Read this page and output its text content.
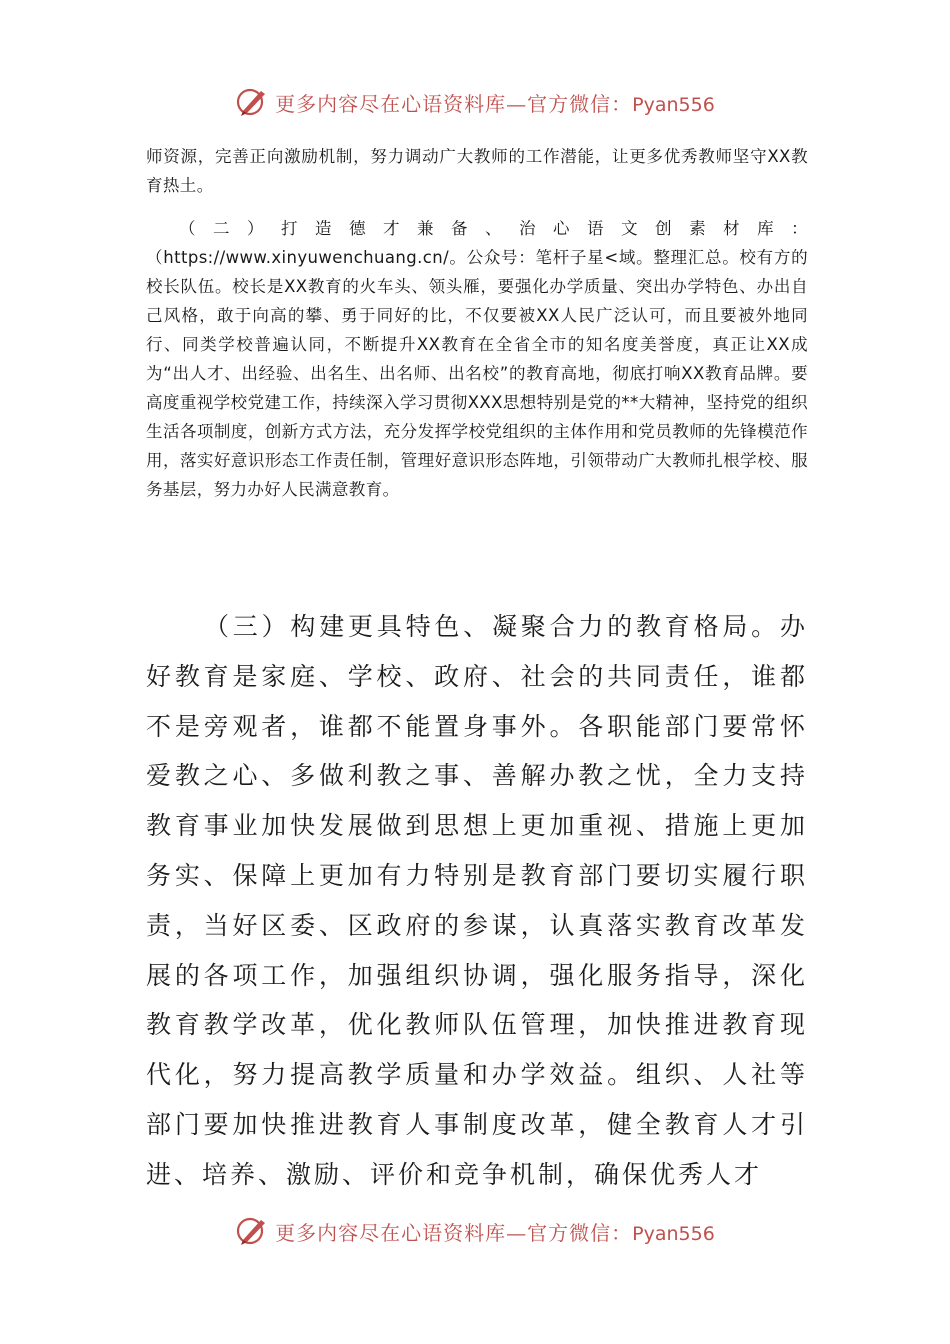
更多内容尽在心语资料库—官方微信：Pyan556

师资源，完善正向激励机制，努力调动广大教师的工作潜能，让更多优秀教师坚守XX教育热土。

（二）打造德才兼备、治心语文创素材库：（https://www.xinyuwenchuang.cn/。公众号：笔杆子星<域。整理汇总。校有方的校长队伍。校长是XX教育的火车头、领头雁，要强化办学质量、突出办学特色、办出自己风格，敢于向高的攀、勇于同好的比，不仅要被XX人民广泛认可，而且要被外地同行、同类学校普遍认同，不断提升XX教育在全省全市的知名度美誉度，真正让XX成为“出人才、出经验、出名生、出名师、出名校”的教育高地，彻底打响XX教育品牌。要高度重视学校党建工作，持续深入学习贯彻XXX思想特别是党的**大精神，坚持党的组织生活各项制度，创新方式方法，充分发挥学校党组织的主体作用和党员教师的先锋模范作用，落实好意识形态工作责任制，管理好意识形态阵地，引领带动广大教师扎根学校、服务基层，努力办好人民满意教育。

（三）构建更具特色、凝聚合力的教育格局。办好教育是家庭、学校、政府、社会的共同责任，谁都不是旁观者，谁都不能置身事外。各职能部门要常怀爱教之心、多做利教之事、善解办教之忧，全力支持教育事业加快发展做到思想上更加重视、措施上更加务实、保障上更加有力特别是教育部门要切实履行职责，当好区委、区政府的参谋，认真落实教育改革发展的各项工作，加强组织协调，强化服务指导，深化教育教学改革，优化教师队伍管理，加快推进教育现代化，努力提高教学质量和办学效益。组织、人社等部门要加快推进教育人事制度改革，健全教育人才引进、培养、激励、评价和竞争机制，确保优秀人才

更多内容尽在心语资料库—官方微信：Pyan556
